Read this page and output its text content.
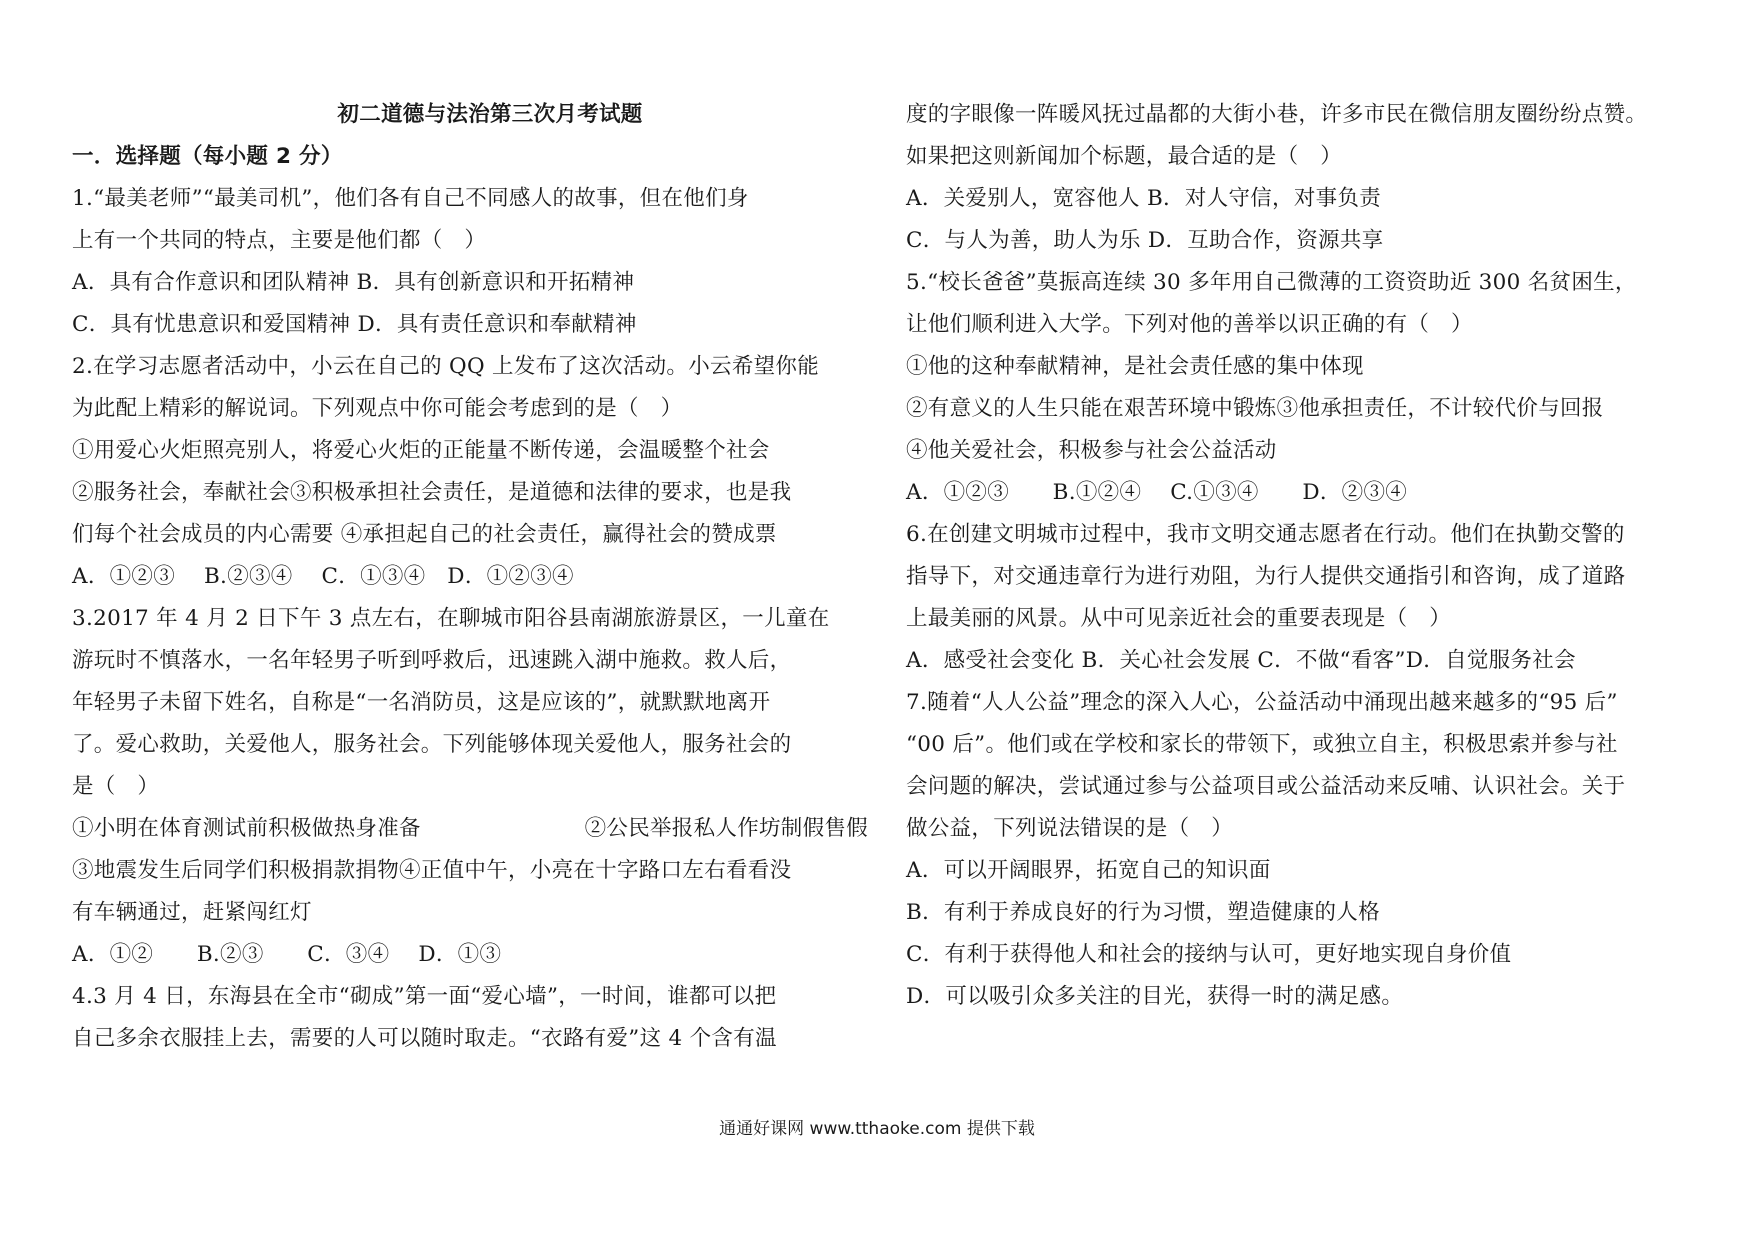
初二道德与法治第三次月考试题
一．选择题（每小题 2 分）
1.“最美老师”“最美司机”，他们各有自己不同感人的故事，但在他们身
上有一个共同的特点，主要是他们都（　）
A．具有合作意识和团队精神 B．具有创新意识和开拓精神
C．具有忧患意识和爱国精神 D．具有责任意识和奉献精神
2.在学习志愿者活动中，小云在自己的 QQ 上发布了这次活动。小云希望你能
为此配上精彩的解说词。下列观点中你可能会考虑到的是（　）
①用爱心火炬照亮别人，将爱心火炬的正能量不断传递，会温暖整个社会
②服务社会，奉献社会③积极承担社会责任，是道德和法律的要求，也是我
们每个社会成员的内心需要 ④承担起自己的社会责任，赢得社会的赞成票
A．①②③　 B.②③④　 C．①③④　D．①②③④
3.2017 年 4 月 2 日下午 3 点左右，在聊城市阳谷县南湖旅游景区，一儿童在
游玩时不慎落水，一名年轻男子听到呼救后，迅速跳入湖中施救。救人后，
年轻男子未留下姓名，自称是“一名消防员，这是应该的”，就默默地离开
了。爱心救助，关爱他人，服务社会。下列能够体现关爱他人，服务社会的
是（　）
①小明在体育测试前积极做热身准备	②公民举报私人作坊制假售假
③地震发生后同学们积极捐款捐物④正值中午，小亮在十字路口左右看看没
有车辆通过，赶紧闯红灯
A．①②　　B.②③　　C．③④　 D．①③
4.3 月 4 日，东海县在全市“砌成”第一面“爱心墙”，一时间，谁都可以把
自己多余衣服挂上去，需要的人可以随时取走。“衣路有爱”这 4 个含有温
度的字眼像一阵暖风抚过晶都的大街小巷，许多市民在微信朋友圈纷纷点赞。
如果把这则新闻加个标题，最合适的是（　）
A．关爱别人，宽容他人 B．对人守信，对事负责
C．与人为善，助人为乐 D．互助合作，资源共享
5.“校长爸爸”莫振高连续 30 多年用自己微薄的工资资助近 300 名贫困生，
让他们顺利进入大学。下列对他的善举以识正确的有（　）
①他的这种奉献精神，是社会责任感的集中体现
②有意义的人生只能在艰苦环境中锻炼③他承担责任，不计较代价与回报
④他关爱社会，积极参与社会公益活动
A．①②③　　B.①②④　 C.①③④　　D．②③④
6.在创建文明城市过程中，我市文明交通志愿者在行动。他们在执勤交警的
指导下，对交通违章行为进行劝阻，为行人提供交通指引和咨询，成了道路
上最美丽的风景。从中可见亲近社会的重要表现是（　）
A．感受社会变化 B．关心社会发展 C．不做“看客”D．自觉服务社会
7.随着“人人公益”理念的深入人心，公益活动中涌现出越来越多的“95 后”
“00 后”。他们或在学校和家长的带领下，或独立自主，积极思索并参与社
会问题的解决，尝试通过参与公益项目或公益活动来反哺、认识社会。关于
做公益，下列说法错误的是（　）
A．可以开阔眼界，拓宽自己的知识面
B．有利于养成良好的行为习惯，塑造健康的人格
C．有利于获得他人和社会的接纳与认可，更好地实现自身价值
D．可以吸引众多关注的目光，获得一时的满足感。
通通好课网 www.tthaoke.com 提供下载
